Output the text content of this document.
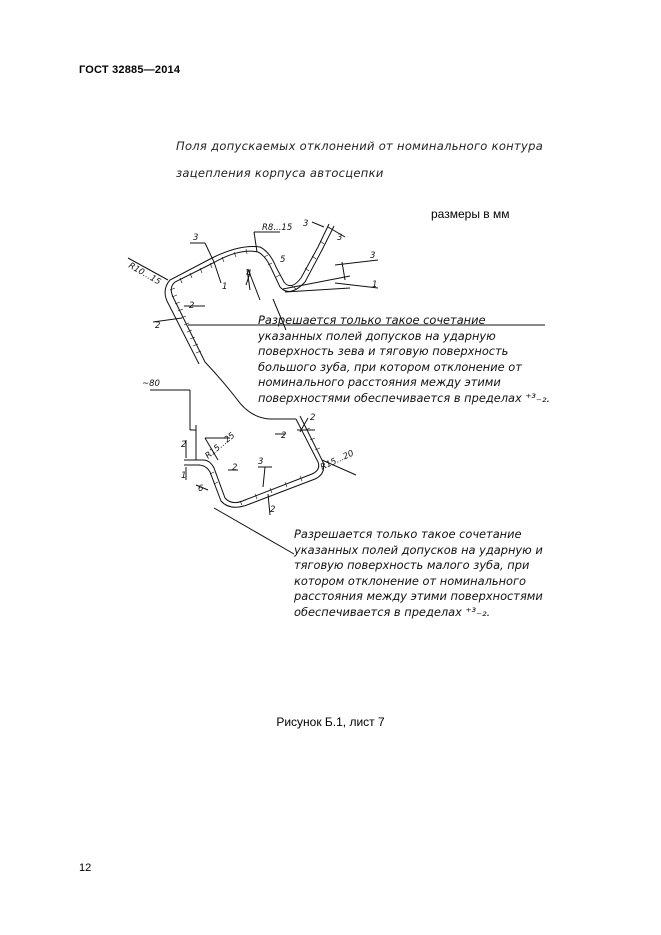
ГОСТ 32885—2014
Поля допускаемых отклонений от номинального контура
зацепления корпуса автосцепки
размеры в мм
R10...15
R8...15
3
1
3
3
5
4
3
1
2
2
~80
2
1
R15...25
2
2
2
3
6
2
R15...20
Разрешается только такое сочетание
указанных полей допусков на ударную
поверхность зева и тяговую поверхность
большого зуба, при котором отклонение от
номинального расстояния между этими
поверхностями обеспечивается в пределах ⁺³₋₂.
Разрешается только такое сочетание
указанных полей допусков на ударную и
тяговую поверхность малого зуба, при
котором отклонение от номинального
расстояния между этими поверхностями
обеспечивается в пределах ⁺³₋₂.
Рисунок Б.1, лист 7
12
